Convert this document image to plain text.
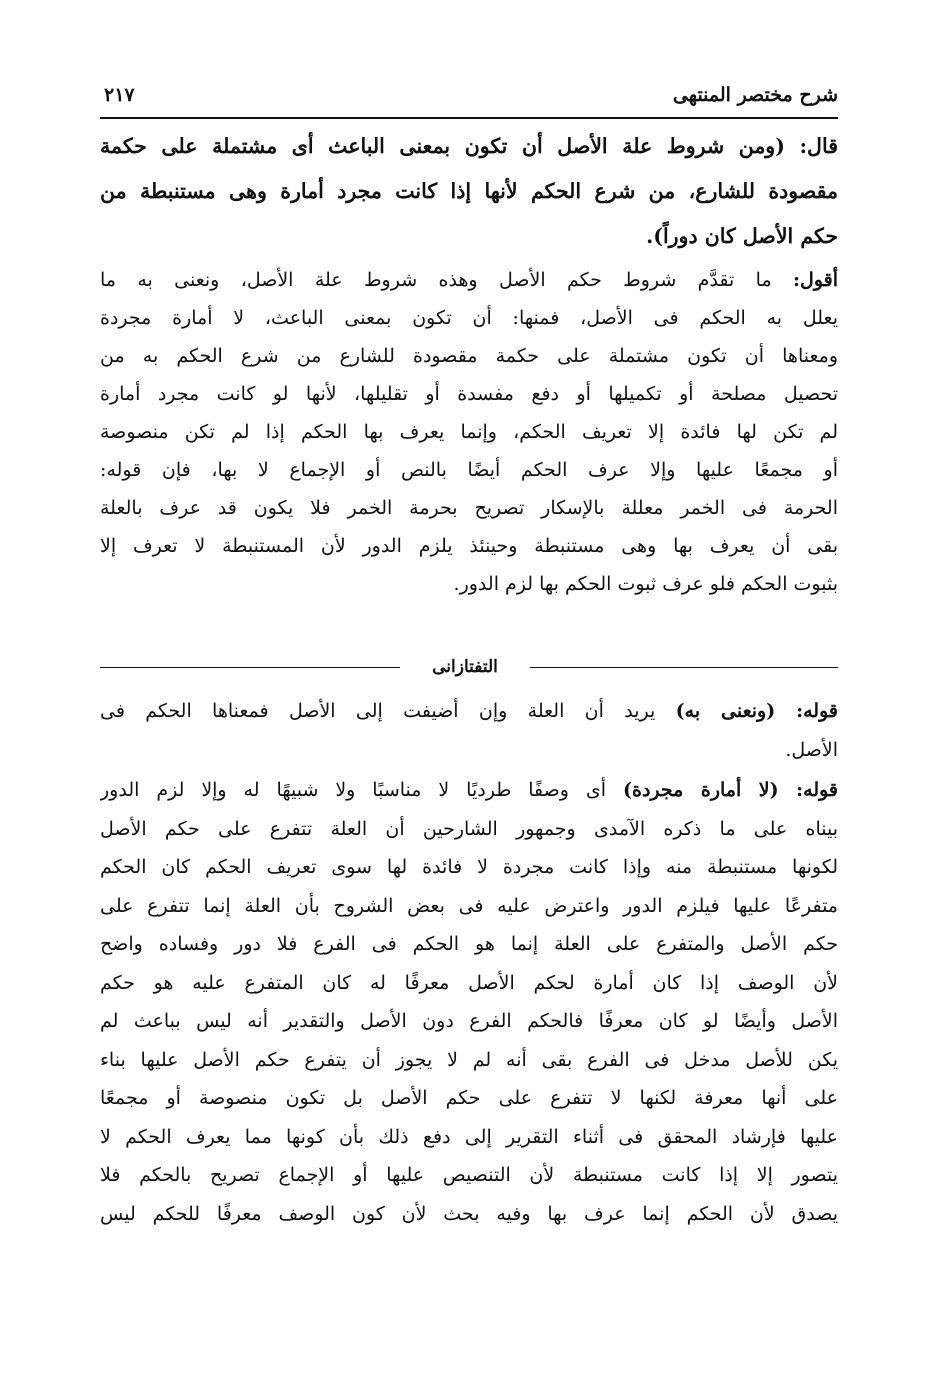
شرح مختصر المنتهى
٢١٧
قال: (ومن شروط علة الأصل أن تكون بمعنى الباعث أى مشتملة على حكمة
مقصودة للشارع، من شرع الحكم لأنها إذا كانت مجرد أمارة وهى مستنبطة من
حكم الأصل كان دوراً).
أقول: ما تقدَّم شروط حكم الأصل وهذه شروط علة الأصل، ونعنى به ما
يعلل به الحكم فى الأصل، فمنها: أن تكون بمعنى الباعث، لا أمارة مجردة
ومعناها أن تكون مشتملة على حكمة مقصودة للشارع من شرع الحكم به من
تحصيل مصلحة أو تكميلها أو دفع مفسدة أو تقليلها، لأنها لو كانت مجرد أمارة
لم تكن لها فائدة إلا تعريف الحكم، وإنما يعرف بها الحكم إذا لم تكن منصوصة
أو مجمعًا عليها وإلا عرف الحكم أيضًا بالنص أو الإجماع لا بها، فإن قوله:
الحرمة فى الخمر معللة بالإسكار تصريح بحرمة الخمر فلا يكون قد عرف بالعلة
بقى أن يعرف بها وهى مستنبطة وحينئذ يلزم الدور لأن المستنبطة لا تعرف إلا
بثبوت الحكم فلو عرف ثبوت الحكم بها لزم الدور.
التفتازانى
قوله: (ونعنى به) يريد أن العلة وإن أضيفت إلى الأصل فمعناها الحكم فى
الأصل.
قوله: (لا أمارة مجردة) أى وصفًا طرديًا لا مناسبًا ولا شبيهًا له وإلا لزم الدور
بيناه على ما ذكره الآمدى وجمهور الشارحين أن العلة تتفرع على حكم الأصل
لكونها مستنبطة منه وإذا كانت مجردة لا فائدة لها سوى تعريف الحكم كان الحكم
متفرعًا عليها فيلزم الدور واعترض عليه فى بعض الشروح بأن العلة إنما تتفرع على
حكم الأصل والمتفرع على العلة إنما هو الحكم فى الفرع فلا دور وفساده واضح
لأن الوصف إذا كان أمارة لحكم الأصل معرفًا له كان المتفرع عليه هو حكم
الأصل وأيضًا لو كان معرفًا فالحكم الفرع دون الأصل والتقدير أنه ليس بباعث لم
يكن للأصل مدخل فى الفرع بقى أنه لم لا يجوز أن يتفرع حكم الأصل عليها بناء
على أنها معرفة لكنها لا تتفرع على حكم الأصل بل تكون منصوصة أو مجمعًا
عليها فإرشاد المحقق فى أثناء التقرير إلى دفع ذلك بأن كونها مما يعرف الحكم لا
يتصور إلا إذا كانت مستنبطة لأن التنصيص عليها أو الإجماع تصريح بالحكم فلا
يصدق لأن الحكم إنما عرف بها وفيه بحث لأن كون الوصف معرفًا للحكم ليس
